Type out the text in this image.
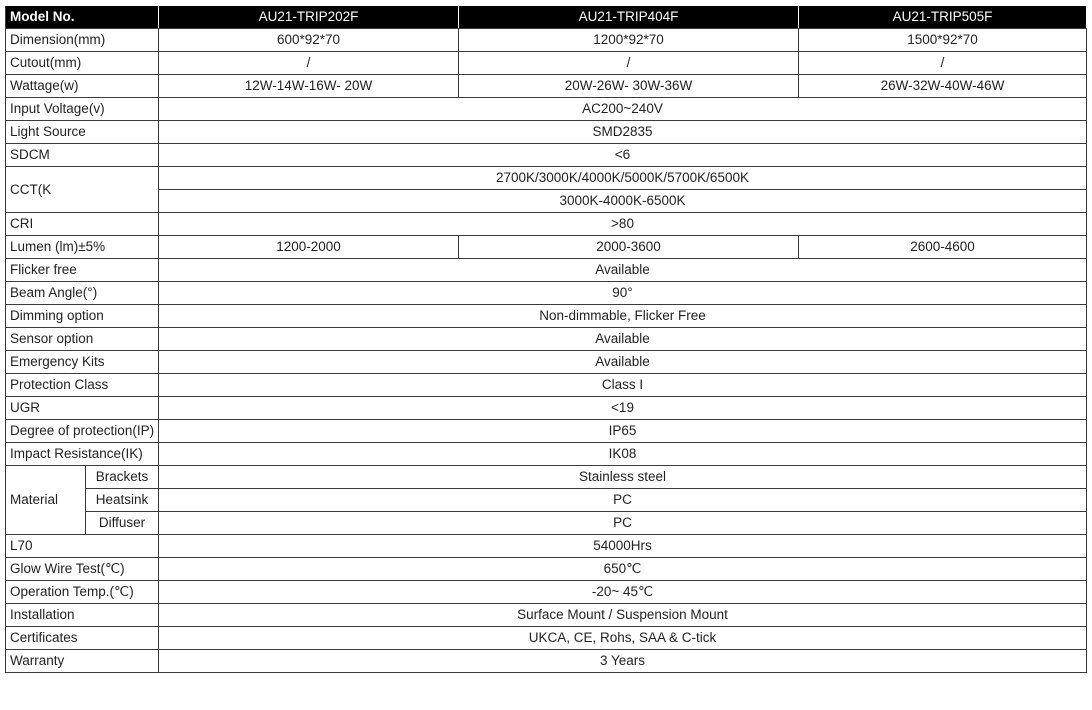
Model No.		AU21-TRIP202F	AU21-TRIP404F	AU21-TRIP505F
Dimension(mm)		600*92*70	1200*92*70	1500*92*70
Cutout(mm)		/	/	/
Wattage(w)		12W-14W-16W- 20W	20W-26W- 30W-36W	26W-32W-40W-46W
Input Voltage(v)		AC200~240V		
Light Source		SMD2835		
SDCM		<6		
CCT(K		2700K/3000K/4000K/5000K/5700K/6500K		
		3000K-4000K-6500K		
CRI		>80		
Lumen (lm)±5%		1200-2000	2000-3600	2600-4600
Flicker free		Available		
Beam Angle(°)		90°		
Dimming option		Non-dimmable, Flicker Free		
Sensor option		Available		
Emergency Kits		Available		
Protection Class		Class I		
UGR		<19		
Degree of protection(IP)		IP65		
Impact Resistance(IK)		IK08		
Material	Brackets	Stainless steel		
	Heatsink	PC		
	Diffuser	PC		
L70		54000Hrs		
Glow Wire Test(℃)		650℃		
Operation Temp.(℃)		-20~ 45℃		
Installation		Surface Mount / Suspension Mount		
Certificates		UKCA, CE, Rohs, SAA & C-tick		
Warranty		3 Years		
